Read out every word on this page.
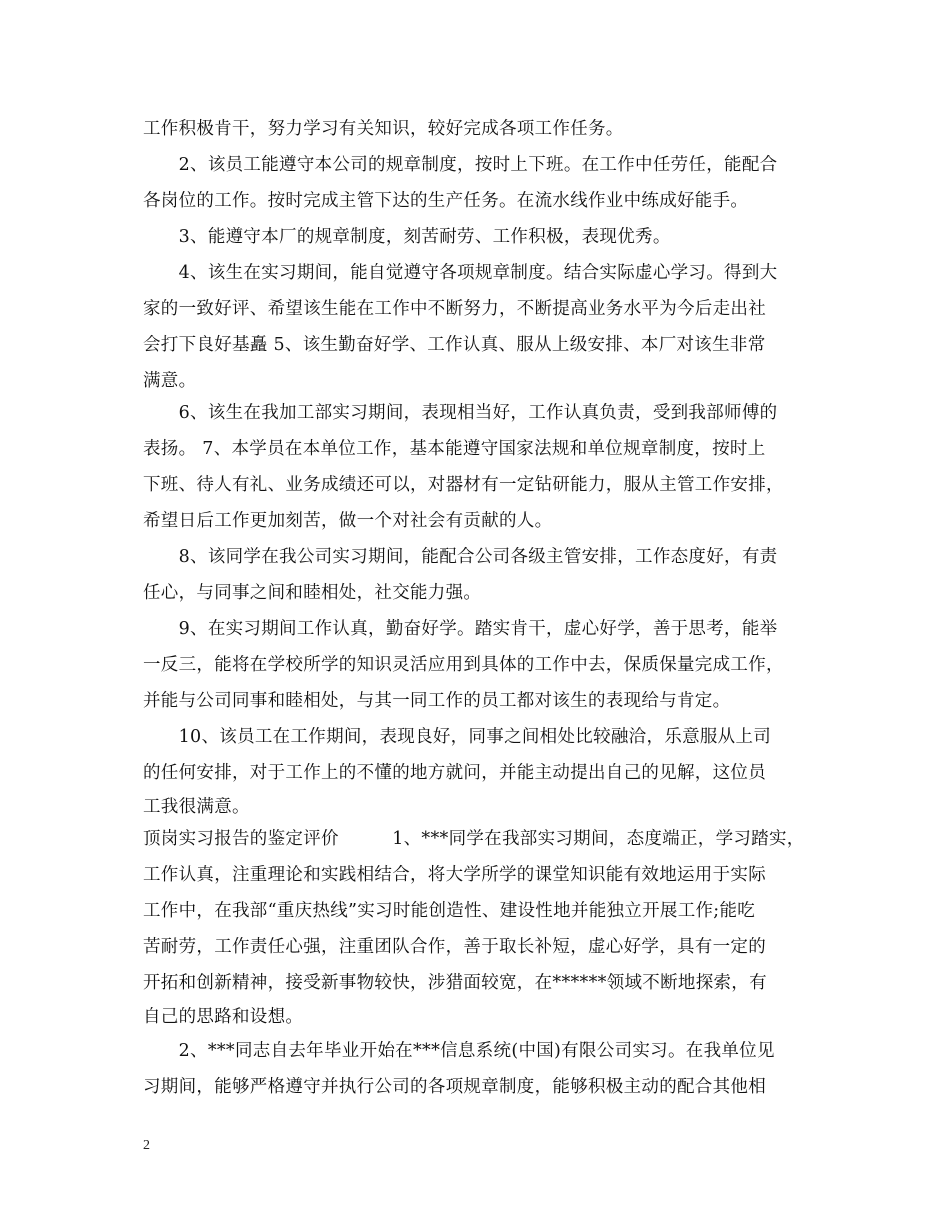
工作积极肯干，努力学习有关知识，较好完成各项工作任务。
　　2、该员工能遵守本公司的规章制度，按时上下班。在工作中任劳任，能配合
各岗位的工作。按时完成主管下达的生产任务。在流水线作业中练成好能手。
　　3、能遵守本厂的规章制度，刻苦耐劳、工作积极，表现优秀。
　　4、该生在实习期间，能自觉遵守各项规章制度。结合实际虚心学习。得到大
家的一致好评、希望该生能在工作中不断努力，不断提高业务水平为今后走出社
会打下良好基矗 5、该生勤奋好学、工作认真、服从上级安排、本厂对该生非常
满意。
　　6、该生在我加工部实习期间，表现相当好，工作认真负责，受到我部师傅的
表扬。 7、本学员在本单位工作，基本能遵守国家法规和单位规章制度，按时上
下班、待人有礼、业务成绩还可以，对器材有一定钻研能力，服从主管工作安排，
希望日后工作更加刻苦，做一个对社会有贡献的人。
　　8、该同学在我公司实习期间，能配合公司各级主管安排，工作态度好，有责
任心，与同事之间和睦相处，社交能力强。
　　9、在实习期间工作认真，勤奋好学。踏实肯干，虚心好学，善于思考，能举
一反三，能将在学校所学的知识灵活应用到具体的工作中去，保质保量完成工作，
并能与公司同事和睦相处，与其一同工作的员工都对该生的表现给与肯定。
　　10、该员工在工作期间，表现良好，同事之间相处比较融洽，乐意服从上司
的任何安排，对于工作上的不懂的地方就问，并能主动提出自己的见解，这位员
工我很满意。
顶岗实习报告的鉴定评价　　　1、***同学在我部实习期间，态度端正，学习踏实，
工作认真，注重理论和实践相结合，将大学所学的课堂知识能有效地运用于实际
工作中，在我部“重庆热线”实习时能创造性、建设性地并能独立开展工作;能吃
苦耐劳，工作责任心强，注重团队合作，善于取长补短，虚心好学，具有一定的
开拓和创新精神，接受新事物较快，涉猎面较宽，在******领域不断地探索，有
自己的思路和设想。
　　2、***同志自去年毕业开始在***信息系统(中国)有限公司实习。在我单位见
习期间，能够严格遵守并执行公司的各项规章制度，能够积极主动的配合其他相
2
